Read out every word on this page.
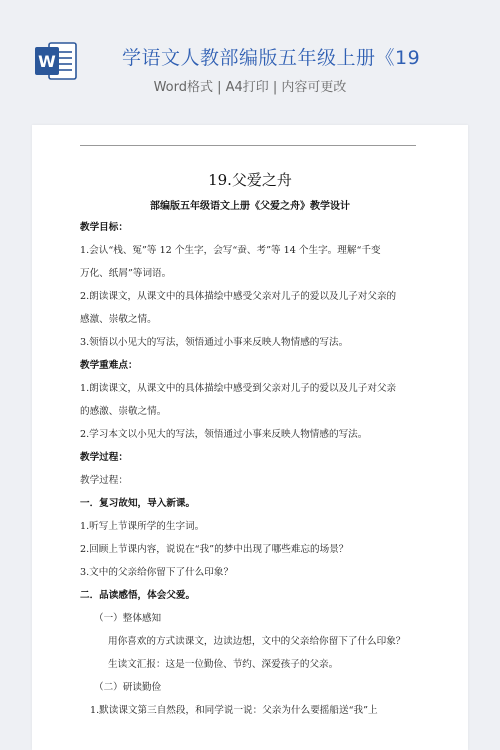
W	学语文人教部编版五年级上册《19
Word格式 | A4打印 | 内容可更改
19.父爱之舟
部编版五年级语文上册《父爱之舟》教学设计
教学目标：
1.会认“栈、冤”等 12 个生字，会写“蚕、考”等 14 个生字。理解“千变
万化、纸屑”等词语。
2.朗读课文，从课文中的具体描绘中感受父亲对儿子的爱以及儿子对父亲的
感激、崇敬之情。
3.领悟以小见大的写法，领悟通过小事来反映人物情感的写法。
教学重难点：
1.朗读课文，从课文中的具体描绘中感受到父亲对儿子的爱以及儿子对父亲
的感激、崇敬之情。
2.学习本文以小见大的写法，领悟通过小事来反映人物情感的写法。
教学过程：
教学过程：
一．复习故知，导入新课。
1.听写上节课所学的生字词。
2.回顾上节课内容，说说在“我”的梦中出现了哪些难忘的场景？
3.文中的父亲给你留下了什么印象？
二．品读感悟，体会父爱。
（一）整体感知
用你喜欢的方式读课文，边读边想，文中的父亲给你留下了什么印象？
生读文汇报：这是一位勤俭、节约、深爱孩子的父亲。
（二）研读勤俭
1.默读课文第三自然段，和同学说一说：父亲为什么要摇船送“我”上
